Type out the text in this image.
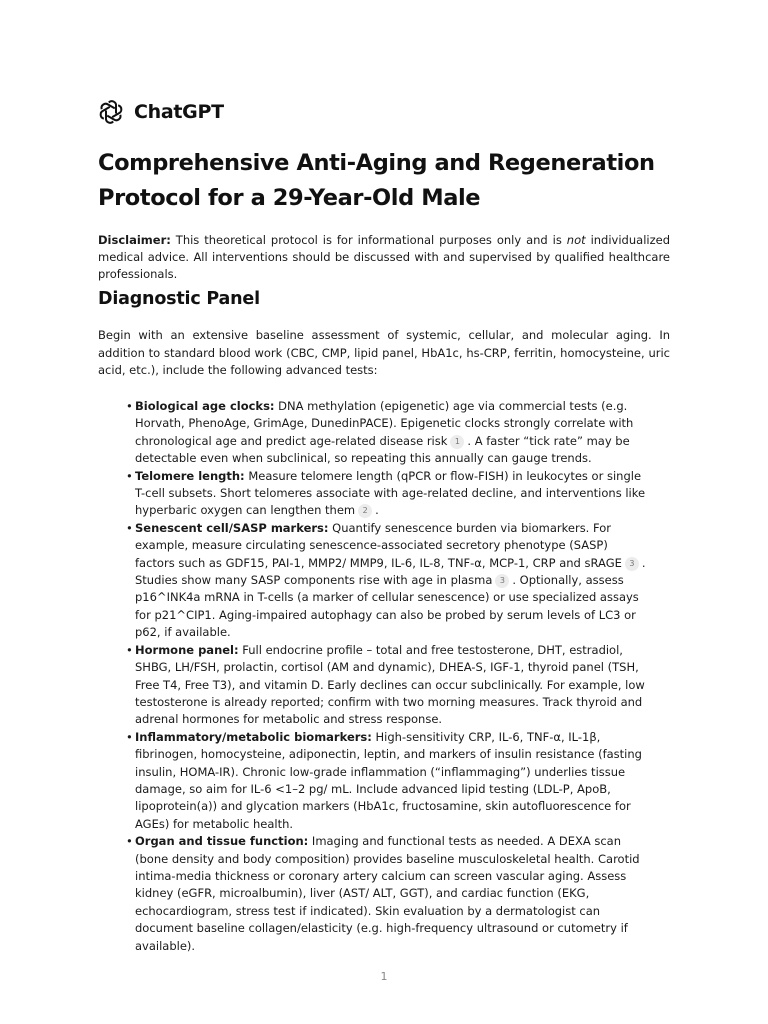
ChatGPT
Comprehensive Anti-Aging and Regeneration Protocol for a 29-Year-Old Male

Disclaimer: This theoretical protocol is for informational purposes only and is not individualized medical advice. All interventions should be discussed with and supervised by qualified healthcare professionals.

Diagnostic Panel

Begin with an extensive baseline assessment of systemic, cellular, and molecular aging. In addition to standard blood work (CBC, CMP, lipid panel, HbA1c, hs-CRP, ferritin, homocysteine, uric acid, etc.), include the following advanced tests:

• Biological age clocks: DNA methylation (epigenetic) age via commercial tests (e.g. Horvath, PhenoAge, GrimAge, DunedinPACE). Epigenetic clocks strongly correlate with chronological age and predict age-related disease risk 1 . A faster “tick rate” may be detectable even when subclinical, so repeating this annually can gauge trends.
• Telomere length: Measure telomere length (qPCR or flow-FISH) in leukocytes or single T-cell subsets. Short telomeres associate with age-related decline, and interventions like hyperbaric oxygen can lengthen them 2 .
• Senescent cell/SASP markers: Quantify senescence burden via biomarkers. For example, measure circulating senescence-associated secretory phenotype (SASP) factors such as GDF15, PAI-1, MMP2/ MMP9, IL-6, IL-8, TNF-α, MCP-1, CRP and sRAGE 3 . Studies show many SASP components rise with age in plasma 3 . Optionally, assess p16^INK4a mRNA in T-cells (a marker of cellular senescence) or use specialized assays for p21^CIP1. Aging-impaired autophagy can also be probed by serum levels of LC3 or p62, if available.
• Hormone panel: Full endocrine profile – total and free testosterone, DHT, estradiol, SHBG, LH/FSH, prolactin, cortisol (AM and dynamic), DHEA-S, IGF-1, thyroid panel (TSH, Free T4, Free T3), and vitamin D. Early declines can occur subclinically. For example, low testosterone is already reported; confirm with two morning measures. Track thyroid and adrenal hormones for metabolic and stress response.
• Inflammatory/metabolic biomarkers: High-sensitivity CRP, IL-6, TNF-α, IL-1β, fibrinogen, homocysteine, adiponectin, leptin, and markers of insulin resistance (fasting insulin, HOMA-IR). Chronic low-grade inflammation (“inflammaging”) underlies tissue damage, so aim for IL-6 <1–2 pg/ mL. Include advanced lipid testing (LDL-P, ApoB, lipoprotein(a)) and glycation markers (HbA1c, fructosamine, skin autofluorescence for AGEs) for metabolic health.
• Organ and tissue function: Imaging and functional tests as needed. A DEXA scan (bone density and body composition) provides baseline musculoskeletal health. Carotid intima-media thickness or coronary artery calcium can screen vascular aging. Assess kidney (eGFR, microalbumin), liver (AST/ ALT, GGT), and cardiac function (EKG, echocardiogram, stress test if indicated). Skin evaluation by a dermatologist can document baseline collagen/elasticity (e.g. high-frequency ultrasound or cutometry if available).
1
